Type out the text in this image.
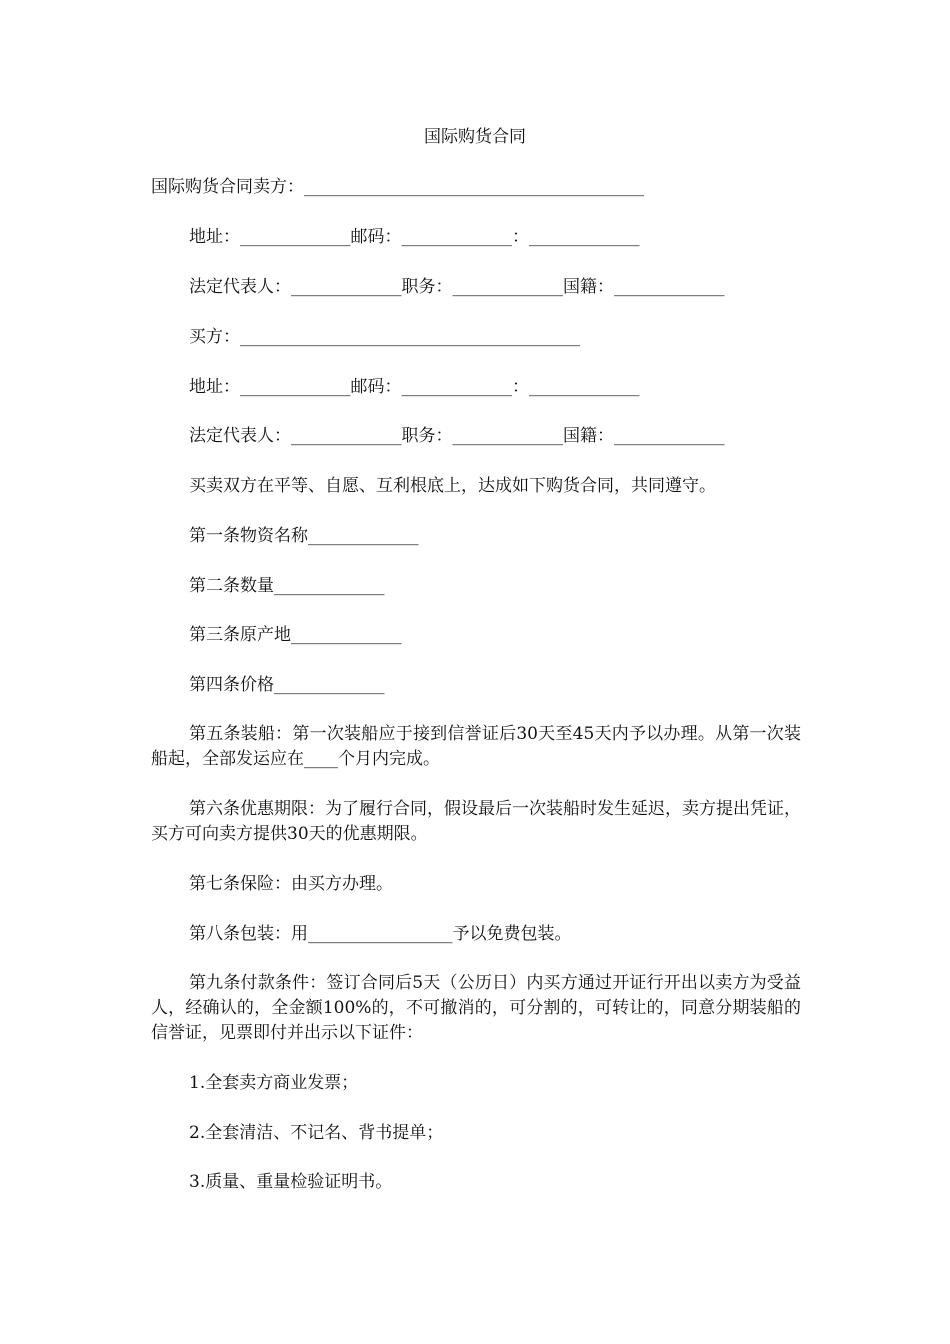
国际购货合同

国际购货合同卖方：________________________________________

地址：_____________邮码：_____________：_____________

法定代表人：_____________职务：_____________国籍：_____________

买方：________________________________________

地址：_____________邮码：_____________：_____________

法定代表人：_____________职务：_____________国籍：_____________

买卖双方在平等、自愿、互利根底上，达成如下购货合同，共同遵守。

第一条物资名称_____________

第二条数量_____________

第三条原产地_____________

第四条价格_____________

第五条装船：第一次装船应于接到信誉证后30天至45天内予以办理。从第一次装船起，全部发运应在____个月内完成。

第六条优惠期限：为了履行合同，假设最后一次装船时发生延迟，卖方提出凭证，买方可向卖方提供30天的优惠期限。

第七条保险：由买方办理。

第八条包装：用_________________予以免费包装。

第九条付款条件：签订合同后5天（公历日）内买方通过开证行开出以卖方为受益人，经确认的，全金额100%的，不可撤消的，可分割的，可转让的，同意分期装船的信誉证，见票即付并出示以下证件：

1.全套卖方商业发票；

2.全套清洁、不记名、背书提单；

3.质量、重量检验证明书。
